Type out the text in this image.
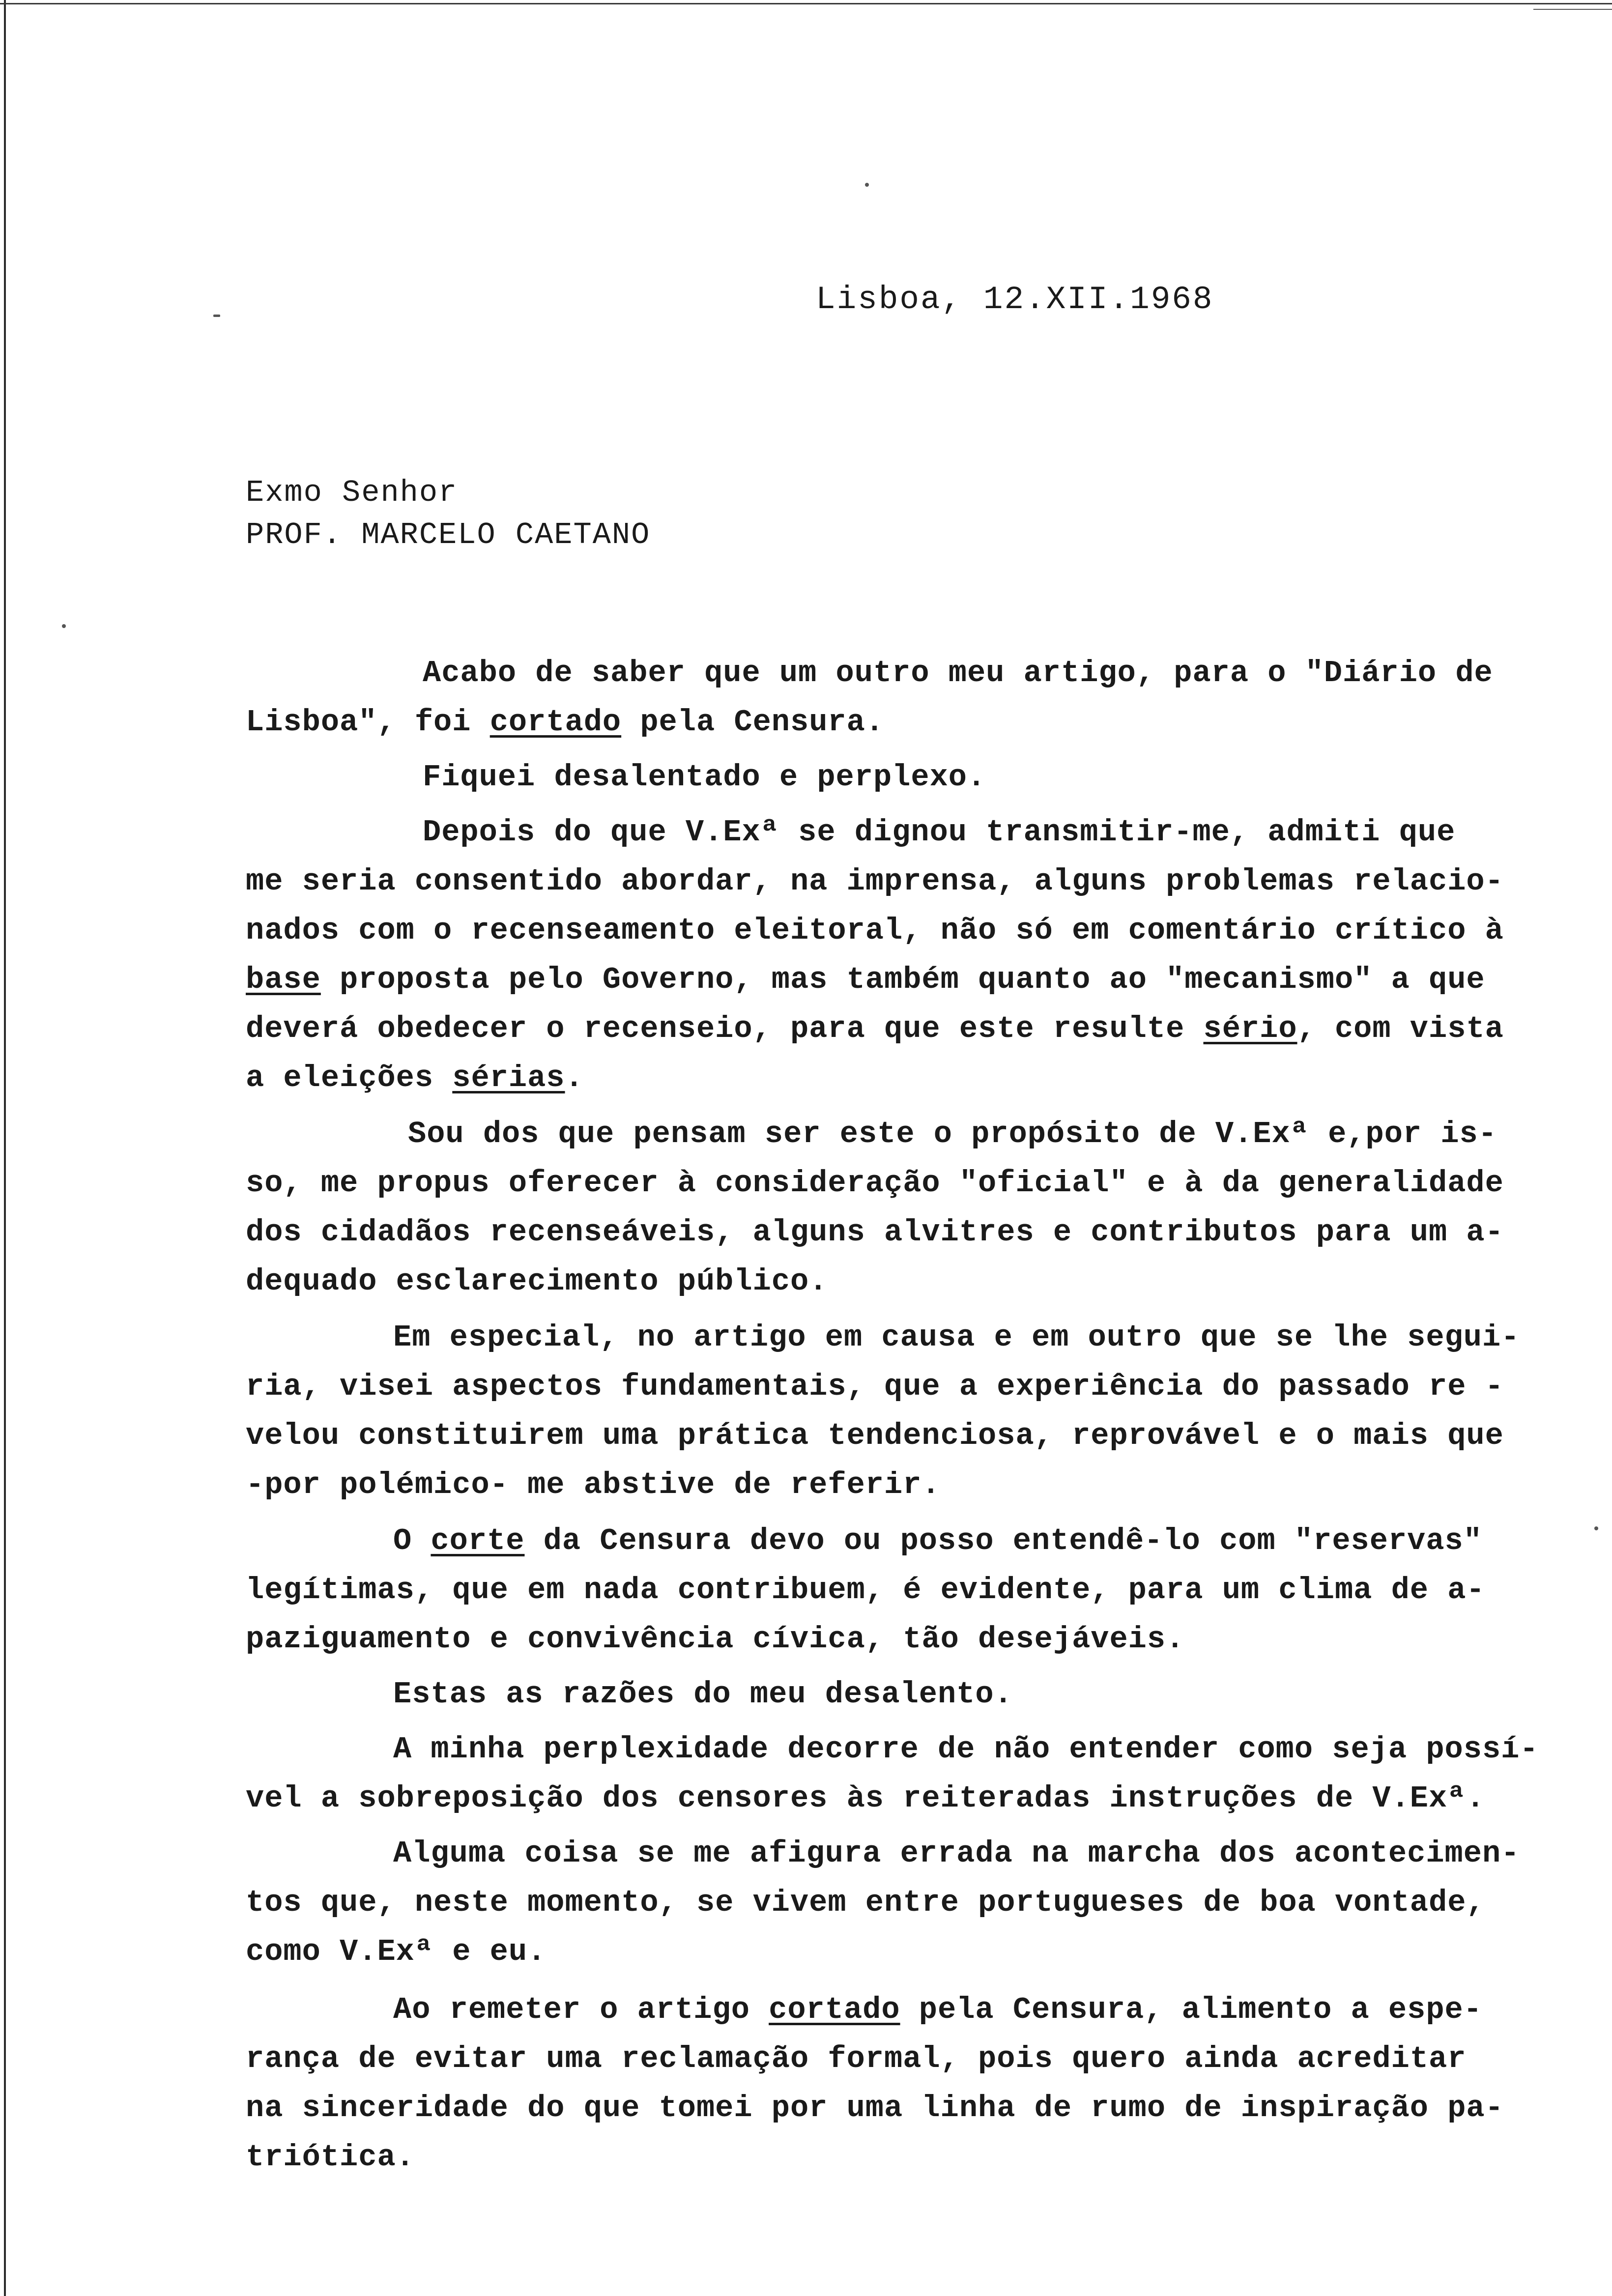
Lisboa, 12.XII.1968
Exmo Senhor
PROF. MARCELO CAETANO
Acabo de saber que um outro meu artigo, para o "Diário de
Lisboa", foi cortado pela Censura.
Fiquei desalentado e perplexo.
Depois do que V.Exª se dignou transmitir-me, admiti que
me seria consentido abordar, na imprensa, alguns problemas relacio-
nados com o recenseamento eleitoral, não só em comentário crítico à
base proposta pelo Governo, mas também quanto ao "mecanismo" a que
deverá obedecer o recenseio, para que este resulte sério, com vista
a eleições sérias.
Sou dos que pensam ser este o propósito de V.Exª e,por is-
so, me propus oferecer à consideração "oficial" e à da generalidade
dos cidadãos recenseáveis, alguns alvitres e contributos para um a-
dequado esclarecimento público.
Em especial, no artigo em causa e em outro que se lhe segui-
ria, visei aspectos fundamentais, que a experiência do passado re -
velou constituirem uma prática tendenciosa, reprovável e o mais que
-por polémico- me abstive de referir.
O corte da Censura devo ou posso entendê-lo com "reservas"
legítimas, que em nada contribuem, é evidente, para um clima de a-
paziguamento e convivência cívica, tão desejáveis.
Estas as razões do meu desalento.
A minha perplexidade decorre de não entender como seja possí-
vel a sobreposição dos censores às reiteradas instruções de V.Exª.
Alguma coisa se me afigura errada na marcha dos acontecimen-
tos que, neste momento, se vivem entre portugueses de boa vontade,
como V.Exª e eu.
Ao remeter o artigo cortado pela Censura, alimento a espe-
rança de evitar uma reclamação formal, pois quero ainda acreditar
na sinceridade do que tomei por uma linha de rumo de inspiração pa-
triótica.
